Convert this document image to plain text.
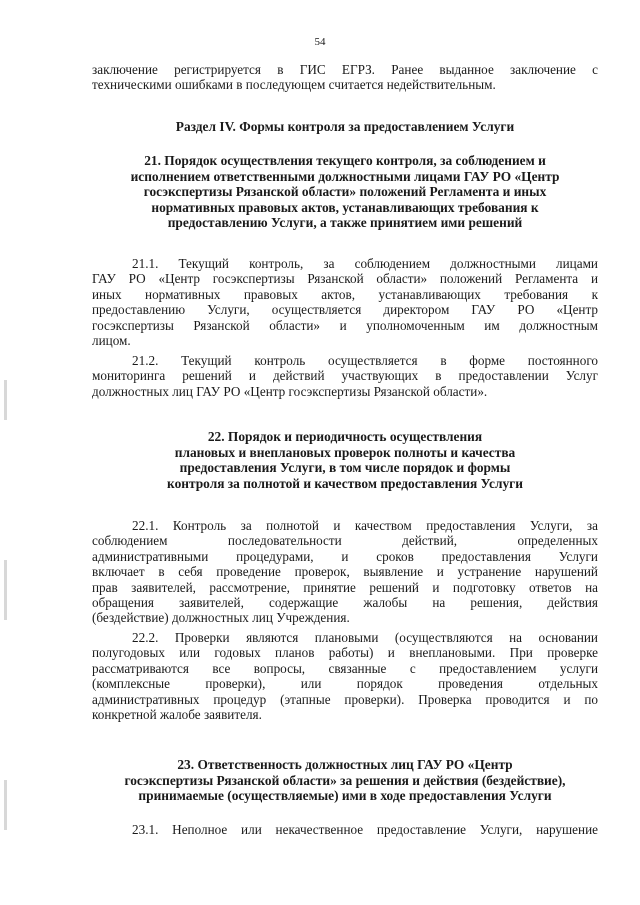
54
заключение регистрируется в ГИС ЕГРЗ. Ранее выданное заключение с
техническими ошибками в последующем считается недействительным.
Раздел IV. Формы контроля за предоставлением Услуги
21. Порядок осуществления текущего контроля, за соблюдением и
исполнением ответственными должностными лицами ГАУ РО «Центр
госэкспертизы Рязанской области» положений Регламента и иных
нормативных правовых актов, устанавливающих требования к
предоставлению Услуги, а также принятием ими решений
21.1. Текущий контроль, за соблюдением должностными лицами
ГАУ РО «Центр госэкспертизы Рязанской области» положений Регламента и
иных нормативных правовых актов, устанавливающих требования к
предоставлению Услуги, осуществляется директором ГАУ РО «Центр
госэкспертизы Рязанской области» и уполномоченным им должностным
лицом.
21.2. Текущий контроль осуществляется в форме постоянного
мониторинга решений и действий участвующих в предоставлении Услуг
должностных лиц ГАУ РО «Центр госэкспертизы Рязанской области».
22. Порядок и периодичность осуществления
плановых и внеплановых проверок полноты и качества
предоставления Услуги, в том числе порядок и формы
контроля за полнотой и качеством предоставления Услуги
22.1. Контроль за полнотой и качеством предоставления Услуги, за
соблюдением последовательности действий, определенных
административными процедурами, и сроков предоставления Услуги
включает в себя проведение проверок, выявление и устранение нарушений
прав заявителей, рассмотрение, принятие решений и подготовку ответов на
обращения заявителей, содержащие жалобы на решения, действия
(бездействие) должностных лиц Учреждения.
22.2. Проверки являются плановыми (осуществляются на основании
полугодовых или годовых планов работы) и внеплановыми. При проверке
рассматриваются все вопросы, связанные с предоставлением услуги
(комплексные проверки), или порядок проведения отдельных
административных процедур (этапные проверки). Проверка проводится и по
конкретной жалобе заявителя.
23. Ответственность должностных лиц ГАУ РО «Центр
госэкспертизы Рязанской области» за решения и действия (бездействие),
принимаемые (осуществляемые) ими в ходе предоставления Услуги
23.1. Неполное или некачественное предоставление Услуги, нарушение
